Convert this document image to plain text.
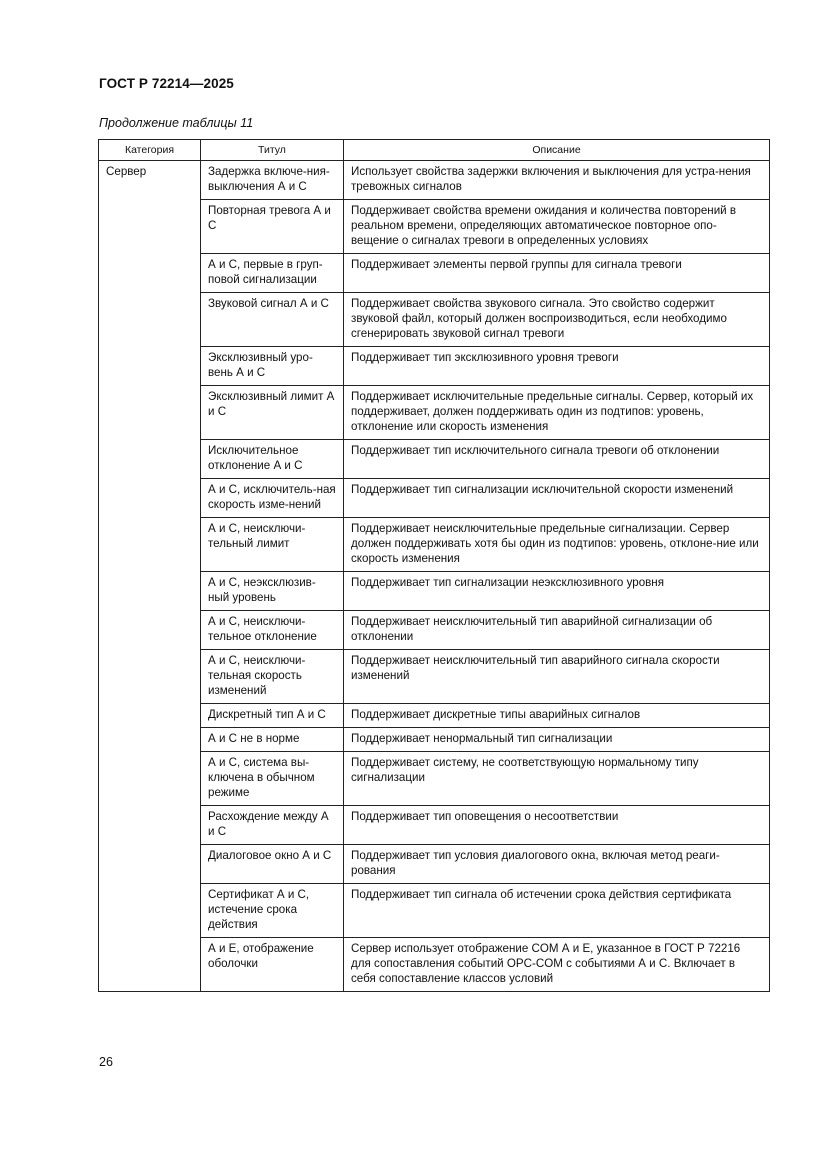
ГОСТ Р 72214—2025
Продолжение таблицы 11
Категория	Титул	Описание
Сервер	Задержка включе-ния-выключения А и С	Использует свойства задержки включения и выключения для устра-нения тревожных сигналов
	Повторная тревога А и С	Поддерживает свойства времени ожидания и количества повторений в реальном времени, определяющих автоматическое повторное опо-вещение о сигналах тревоги в определенных условиях
	А и С, первые в груп-повой сигнализации	Поддерживает элементы первой группы для сигнала тревоги
	Звуковой сигнал А и С	Поддерживает свойства звукового сигнала. Это свойство содержит звуковой файл, который должен воспроизводиться, если необходимо сгенерировать звуковой сигнал тревоги
	Эксклюзивный уро-вень А и С	Поддерживает тип эксклюзивного уровня тревоги
	Эксклюзивный лимит А и С	Поддерживает исключительные предельные сигналы. Сервер, который их поддерживает, должен поддерживать один из подтипов: уровень, отклонение или скорость изменения
	Исключительное отклонение А и С	Поддерживает тип исключительного сигнала тревоги об отклонении
	А и С, исключитель-ная скорость изме-нений	Поддерживает тип сигнализации исключительной скорости изменений
	А и С, неисключи-тельный лимит	Поддерживает неисключительные предельные сигнализации. Сервер должен поддерживать хотя бы один из подтипов: уровень, отклоне-ние или скорость изменения
	А и С, неэксклюзив-ный уровень	Поддерживает тип сигнализации неэксклюзивного уровня
	А и С, неисключи-тельное отклонение	Поддерживает неисключительный тип аварийной сигнализации об отклонении
	А и С, неисключи-тельная скорость изменений	Поддерживает неисключительный тип аварийного сигнала скорости изменений
	Дискретный тип А и С	Поддерживает дискретные типы аварийных сигналов
	А и С не в норме	Поддерживает ненормальный тип сигнализации
	А и С, система вы-ключена в обычном режиме	Поддерживает систему, не соответствующую нормальному типу сигнализации
	Расхождение между А и С	Поддерживает тип оповещения о несоответствии
	Диалоговое окно А и С	Поддерживает тип условия диалогового окна, включая метод реаги-рования
	Сертификат А и С, истечение срока действия	Поддерживает тип сигнала об истечении срока действия сертификата
	А и Е, отображение оболочки	Сервер использует отображение COM А и Е, указанное в ГОСТ Р 72216 для сопоставления событий OPC-COM с событиями А и С. Включает в себя сопоставление классов условий
26
